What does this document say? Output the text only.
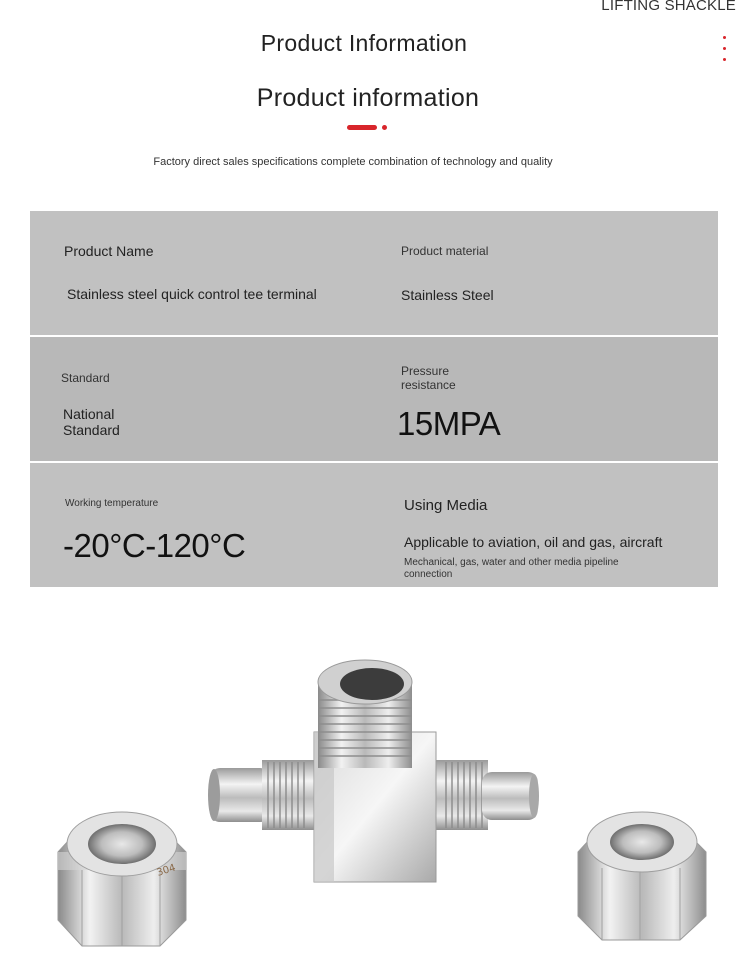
LIFTING SHACKLE
Product Information
Product information
Factory direct sales specifications complete combination of technology and quality
Product Name
Stainless steel quick control tee terminal
Product material
Stainless Steel
Standard
National
Standard
Pressure
resistance
15MPA
Working temperature
-20°C-120°C
Using Media
Applicable to aviation, oil and gas, aircraft
Mechanical, gas, water and other media pipeline
connection
304
